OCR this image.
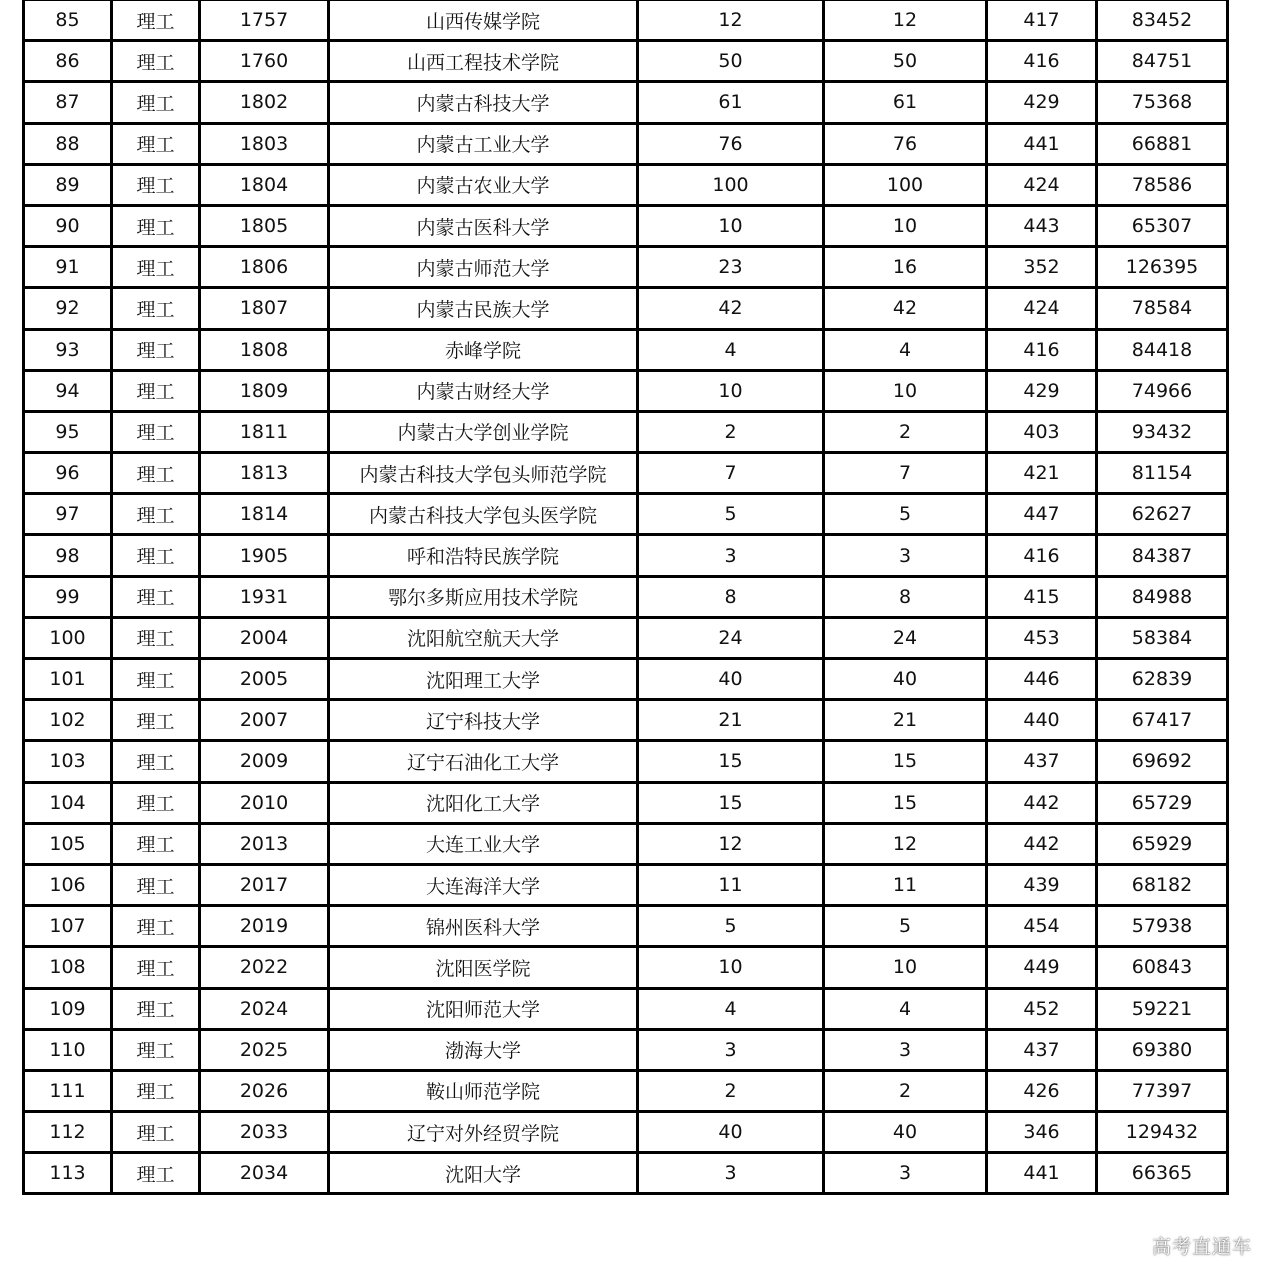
85	理工	1757	山西传媒学院	12	12	417	83452
86	理工	1760	山西工程技术学院	50	50	416	84751
87	理工	1802	内蒙古科技大学	61	61	429	75368
88	理工	1803	内蒙古工业大学	76	76	441	66881
89	理工	1804	内蒙古农业大学	100	100	424	78586
90	理工	1805	内蒙古医科大学	10	10	443	65307
91	理工	1806	内蒙古师范大学	23	16	352	126395
92	理工	1807	内蒙古民族大学	42	42	424	78584
93	理工	1808	赤峰学院	4	4	416	84418
94	理工	1809	内蒙古财经大学	10	10	429	74966
95	理工	1811	内蒙古大学创业学院	2	2	403	93432
96	理工	1813	内蒙古科技大学包头师范学院	7	7	421	81154
97	理工	1814	内蒙古科技大学包头医学院	5	5	447	62627
98	理工	1905	呼和浩特民族学院	3	3	416	84387
99	理工	1931	鄂尔多斯应用技术学院	8	8	415	84988
100	理工	2004	沈阳航空航天大学	24	24	453	58384
101	理工	2005	沈阳理工大学	40	40	446	62839
102	理工	2007	辽宁科技大学	21	21	440	67417
103	理工	2009	辽宁石油化工大学	15	15	437	69692
104	理工	2010	沈阳化工大学	15	15	442	65729
105	理工	2013	大连工业大学	12	12	442	65929
106	理工	2017	大连海洋大学	11	11	439	68182
107	理工	2019	锦州医科大学	5	5	454	57938
108	理工	2022	沈阳医学院	10	10	449	60843
109	理工	2024	沈阳师范大学	4	4	452	59221
110	理工	2025	渤海大学	3	3	437	69380
111	理工	2026	鞍山师范学院	2	2	426	77397
112	理工	2033	辽宁对外经贸学院	40	40	346	129432
113	理工	2034	沈阳大学	3	3	441	66365
高考直通车
